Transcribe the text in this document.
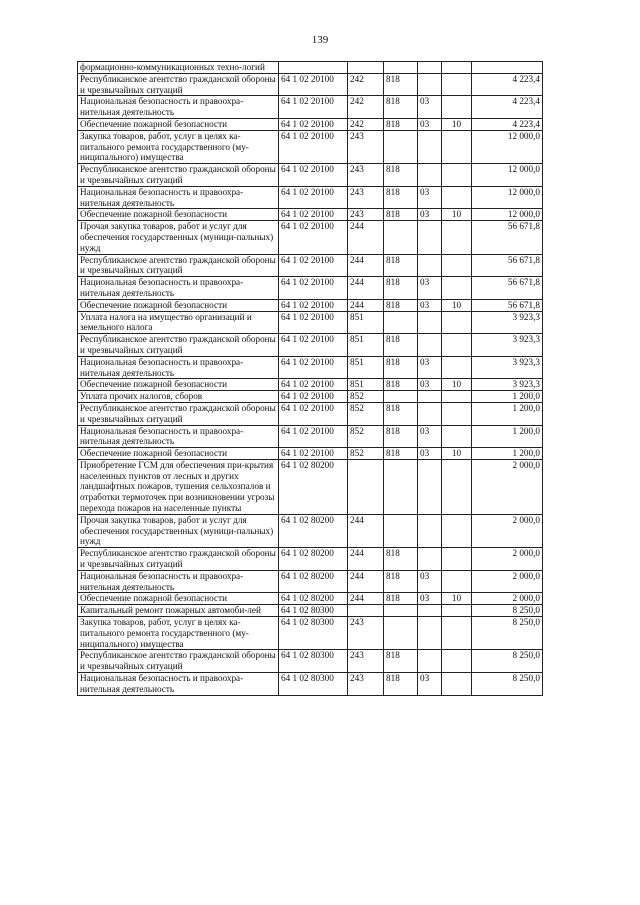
139
формационно-коммуникационных техно-логий						
Республиканское агентство гражданской обороны и чрезвычайных ситуаций	64 1 02 20100	242	818			4 223,4
Национальная безопасность и правоохра-нительная деятельность	64 1 02 20100	242	818	03		4 223,4
Обеспечение пожарной безопасности	64 1 02 20100	242	818	03	10	4 223,4
Закупка товаров, работ, услуг в целях ка-питального ремонта государственного (му-ниципального) имущества	64 1 02 20100	243				12 000,0
Республиканское агентство гражданской обороны и чрезвычайных ситуаций	64 1 02 20100	243	818			12 000,0
Национальная безопасность и правоохра-нительная деятельность	64 1 02 20100	243	818	03		12 000,0
Обеспечение пожарной безопасности	64 1 02 20100	243	818	03	10	12 000,0
Прочая закупка товаров, работ и услуг для обеспечения государственных (муници-пальных) нужд	64 1 02 20100	244				56 671,8
Республиканское агентство гражданской обороны и чрезвычайных ситуаций	64 1 02 20100	244	818			56 671,8
Национальная безопасность и правоохра-нительная деятельность	64 1 02 20100	244	818	03		56 671,8
Обеспечение пожарной безопасности	64 1 02 20100	244	818	03	10	56 671,8
Уплата налога на имущество организаций и земельного налога	64 1 02 20100	851				3 923,3
Республиканское агентство гражданской обороны и чрезвычайных ситуаций	64 1 02 20100	851	818			3 923,3
Национальная безопасность и правоохра-нительная деятельность	64 1 02 20100	851	818	03		3 923,3
Обеспечение пожарной безопасности	64 1 02 20100	851	818	03	10	3 923,3
Уплата прочих налогов, сборов	64 1 02 20100	852				1 200,0
Республиканское агентство гражданской обороны и чрезвычайных ситуаций	64 1 02 20100	852	818			1 200,0
Национальная безопасность и правоохра-нительная деятельность	64 1 02 20100	852	818	03		1 200,0
Обеспечение пожарной безопасности	64 1 02 20100	852	818	03	10	1 200,0
Приобретение ГСМ для обеспечения при-крытия населенных пунктов от лесных и других ландшафтных пожаров, тушения сельхозпалов и отработки термоточек при возникновении угрозы перехода пожаров на населенные пункты	64 1 02 80200					2 000,0
Прочая закупка товаров, работ и услуг для обеспечения государственных (муници-пальных) нужд	64 1 02 80200	244				2 000,0
Республиканское агентство гражданской обороны и чрезвычайных ситуаций	64 1 02 80200	244	818			2 000,0
Национальная безопасность и правоохра-нительная деятельность	64 1 02 80200	244	818	03		2 000,0
Обеспечение пожарной безопасности	64 1 02 80200	244	818	03	10	2 000,0
Капитальный ремонт пожарных автомоби-лей	64 1 02 80300					8 250,0
Закупка товаров, работ, услуг в целях ка-питального ремонта государственного (му-ниципального) имущества	64 1 02 80300	243				8 250,0
Республиканское агентство гражданской обороны и чрезвычайных ситуаций	64 1 02 80300	243	818			8 250,0
Национальная безопасность и правоохра-нительная деятельность	64 1 02 80300	243	818	03		8 250,0
